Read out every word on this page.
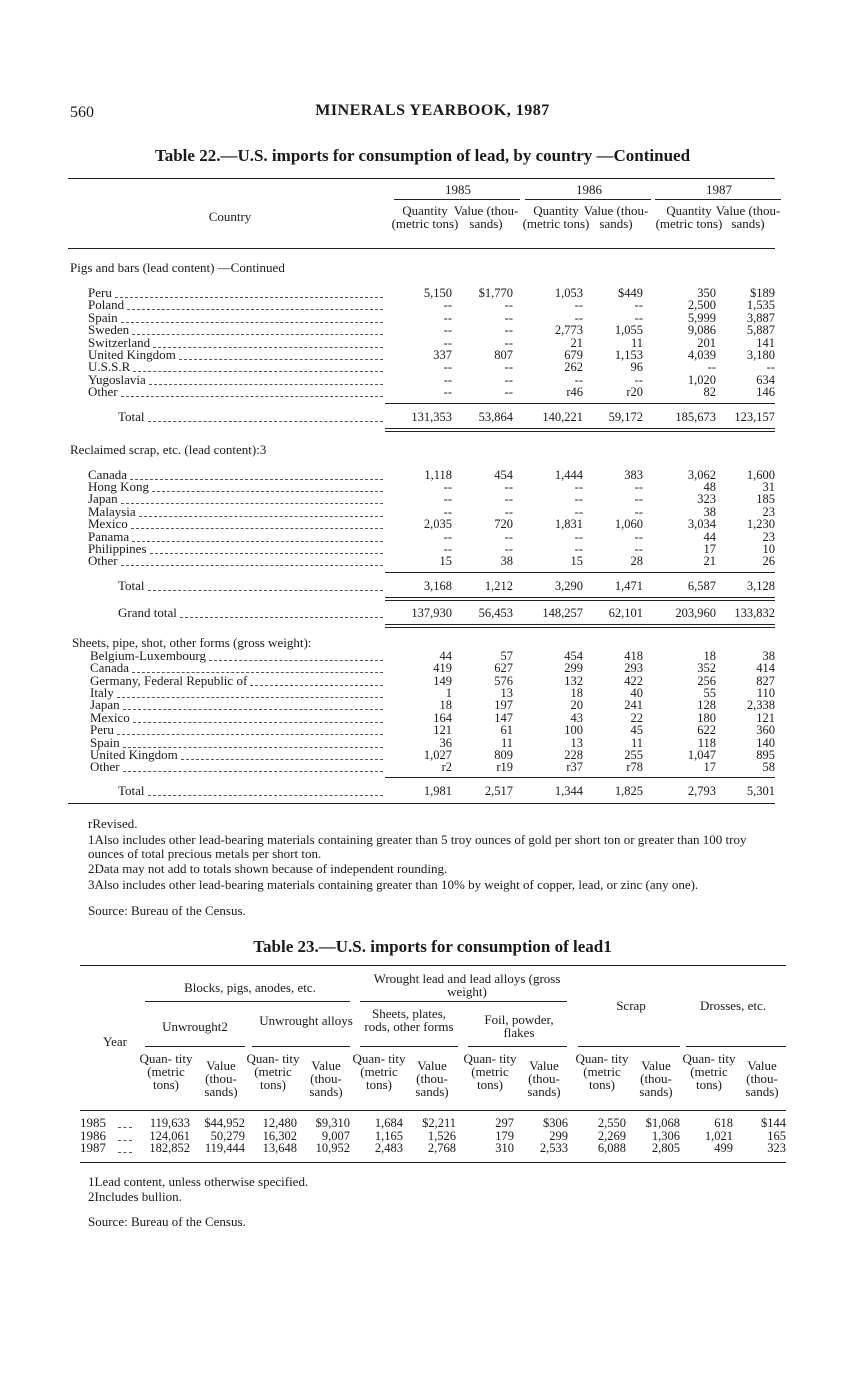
560	MINERALS YEARBOOK, 1987
Table 22.—U.S. imports for consumption of lead, by country —Continued
1985	1986	1987
Country	Quantity (metric tons)
Value (thou- sands)
Quantity (metric tons)
Value (thou- sands)
Quantity (metric tons)
Value (thou- sands)
Pigs and bars (lead content) —Continued
Peru	5,150	$1,770	1,053	$449	350	$189
Poland	--	--	--	--	2,500	1,535
Spain	--	--	--	--	5,999	3,887
Sweden	--	--	2,773	1,055	9,086	5,887
Switzerland	--	--	21	11	201	141
United Kingdom	337	807	679	1,153	4,039	3,180
U.S.S.R	--	--	262	96	--	--
Yugoslavia	--	--	--	--	1,020	634
Other	--	--	r46	r20	82	146
Total	131,353	53,864	140,221	59,172	185,673	123,157
Reclaimed scrap, etc. (lead content):3
Canada	1,118	454	1,444	383	3,062	1,600
Hong Kong	--	--	--	--	48	31
Japan	--	--	--	--	323	185
Malaysia	--	--	--	--	38	23
Mexico	2,035	720	1,831	1,060	3,034	1,230
Panama	--	--	--	--	44	23
Philippines	--	--	--	--	17	10
Other	15	38	15	28	21	26
Total	3,168	1,212	3,290	1,471	6,587	3,128
Grand total	137,930	56,453	148,257	62,101	203,960	133,832
Sheets, pipe, shot, other forms (gross weight):
Belgium-Luxembourg	44	57	454	418	18	38
Canada	419	627	299	293	352	414
Germany, Federal Republic of	149	576	132	422	256	827
Italy	1	13	18	40	55	110
Japan	18	197	20	241	128	2,338
Mexico	164	147	43	22	180	121
Peru	121	61	100	45	622	360
Spain	36	11	13	11	118	140
United Kingdom	1,027	809	228	255	1,047	895
Other	r2	r19	r37	r78	17	58
Total	1,981	2,517	1,344	1,825	2,793	5,301
rRevised.
1Also includes other lead-bearing materials containing greater than 5 troy ounces of gold per short ton or greater than 100 troy ounces of total precious metals per short ton.
2Data may not add to totals shown because of independent rounding.
3Also includes other lead-bearing materials containing greater than 10% by weight of copper, lead, or zinc (any one).
Source: Bureau of the Census.
Table 23.—U.S. imports for consumption of lead1
Blocks, pigs, anodes, etc.
Wrought lead and lead alloys (gross weight)
Scrap	Drosses, etc.
Unwrought2	Unwrought alloys	Sheets, plates, rods, other forms	Foil, powder, flakes
Year
Quan- tity (metric tons)
Value (thou- sands)
Quan- tity (metric tons)
Value (thou- sands)
Quan- tity (metric tons)
Value (thou- sands)
Quan- tity (metric tons)
Value (thou- sands)
Quan- tity (metric tons)
Value (thou- sands)
Quan- tity (metric tons)
Value (thou- sands)
1985	119,633	$44,952	12,480	$9,310	1,684	$2,211	297	$306	2,550	$1,068	618	$144
1986	124,061	50,279	16,302	9,007	1,165	1,526	179	299	2,269	1,306	1,021	165
1987	182,852	119,444	13,648	10,952	2,483	2,768	310	2,533	6,088	2,805	499	323
1Lead content, unless otherwise specified.
2Includes bullion.
Source: Bureau of the Census.
